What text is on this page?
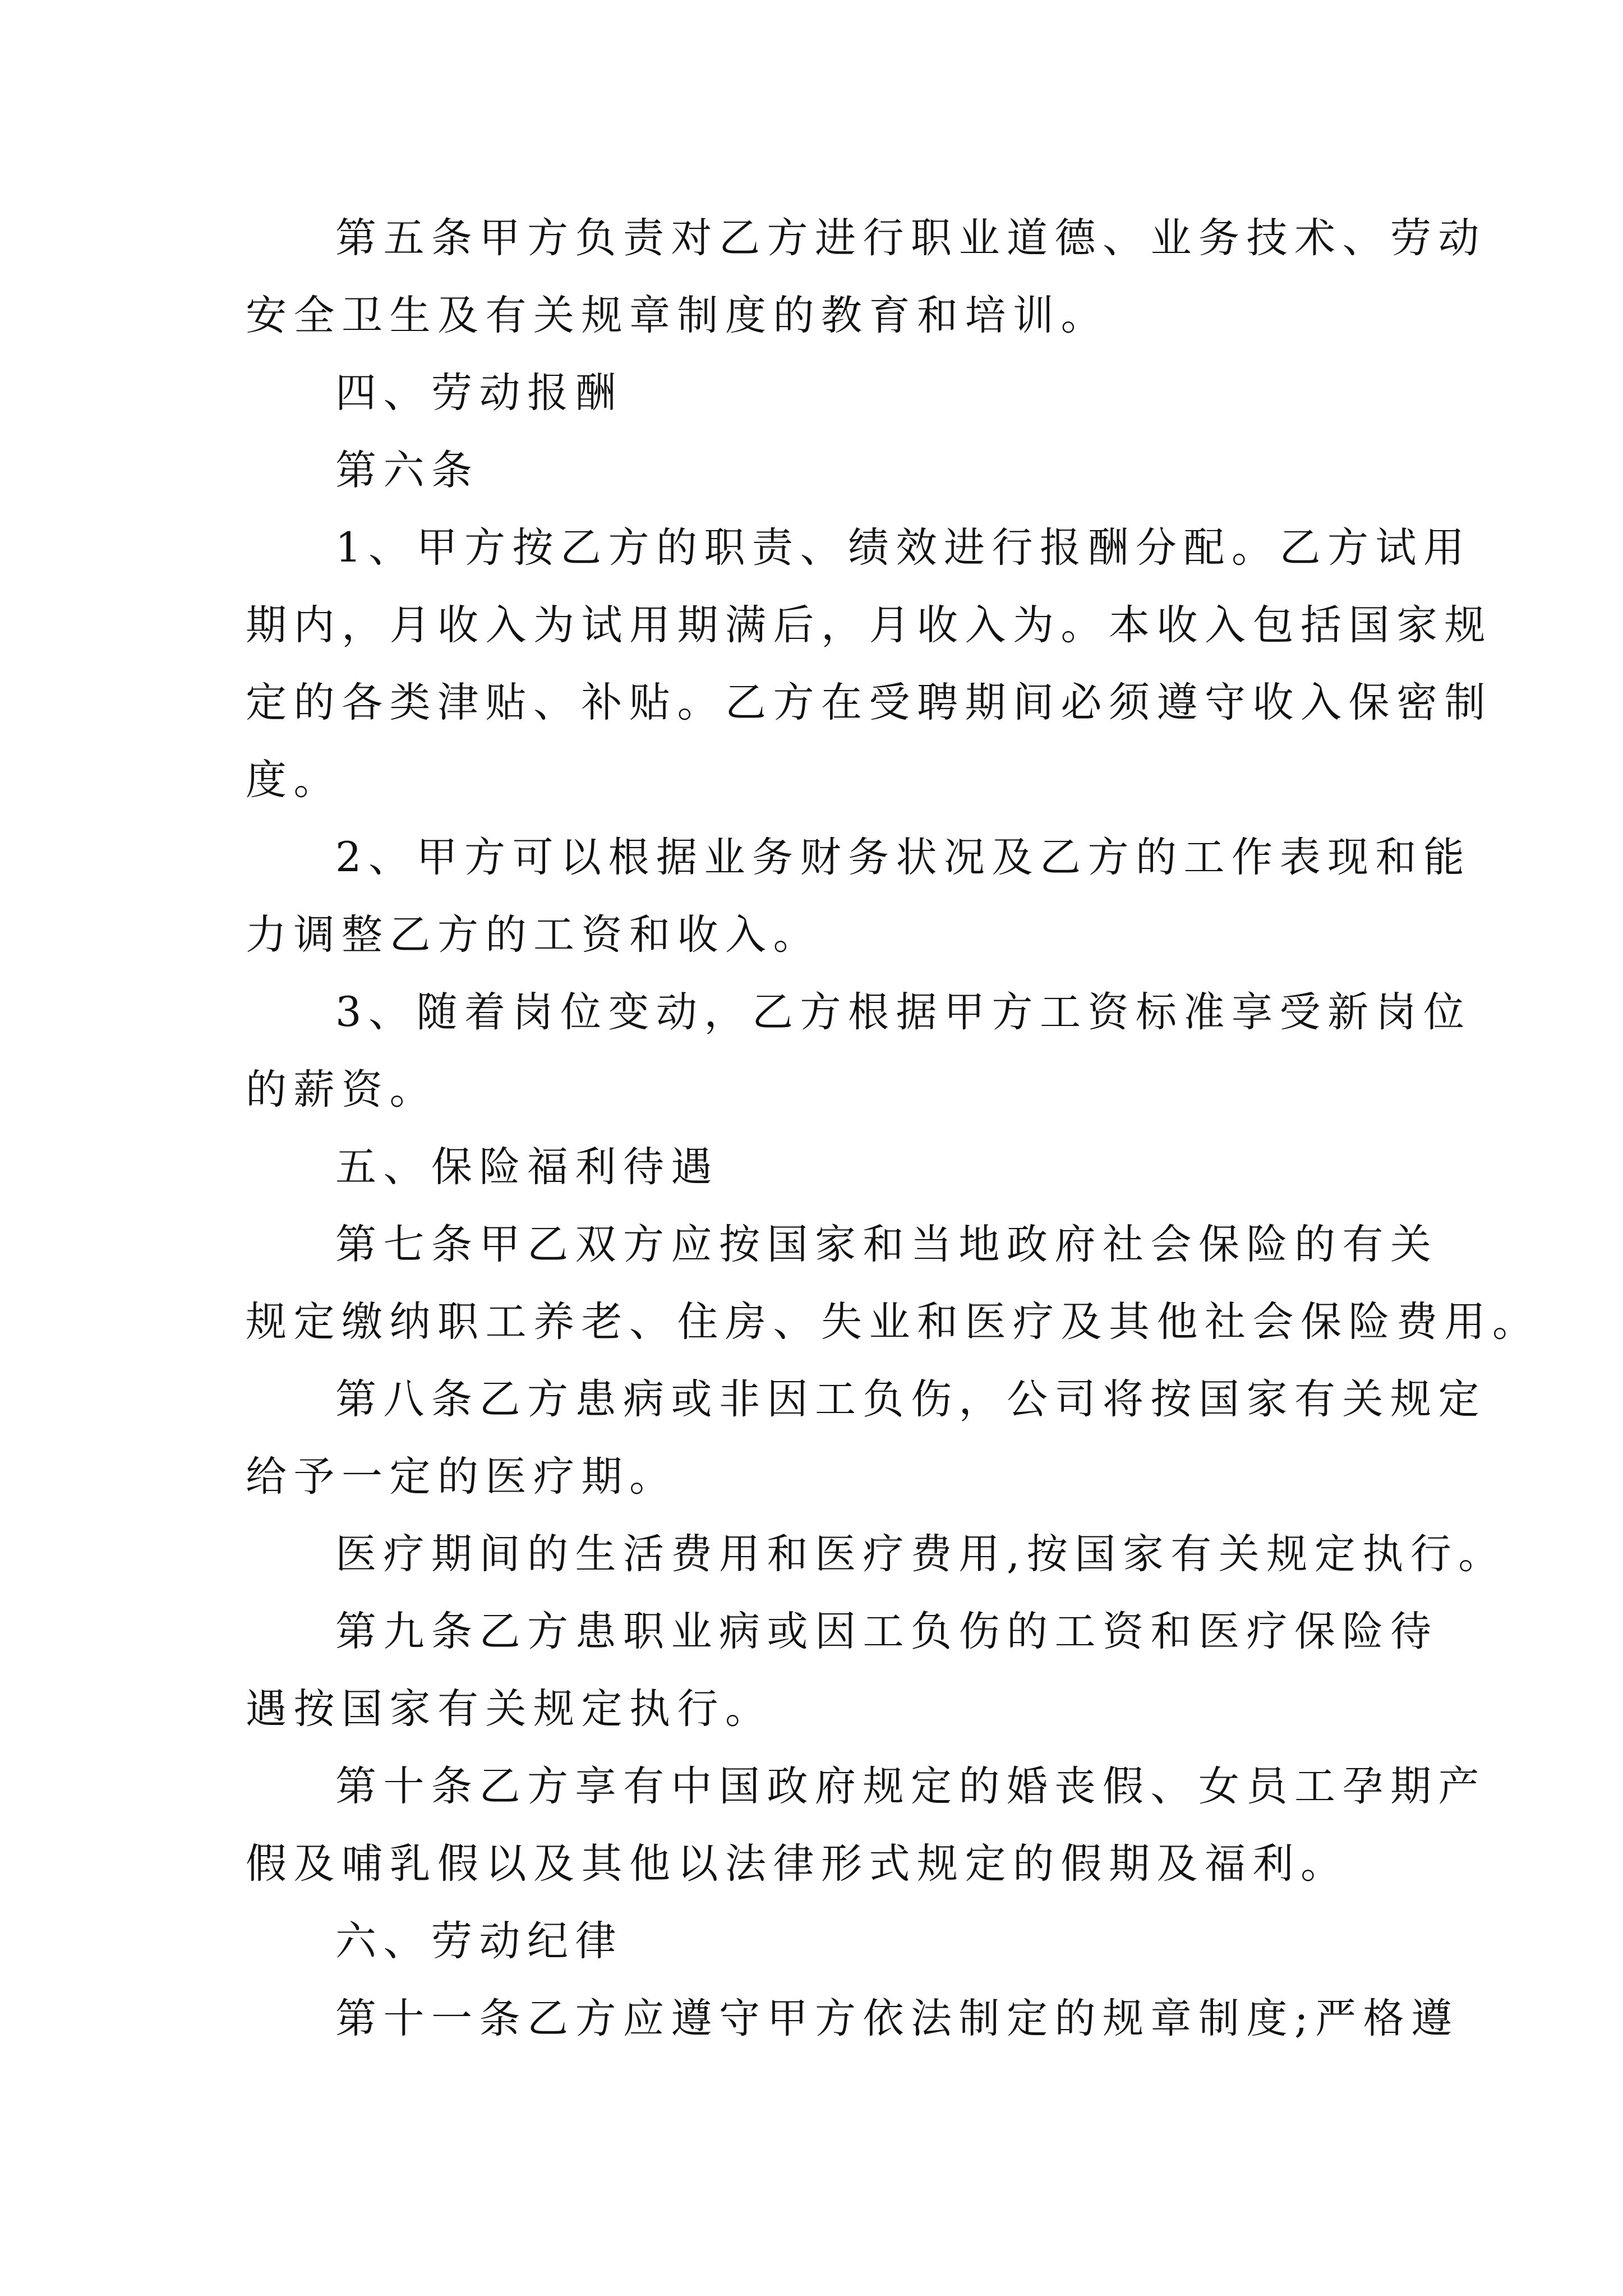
第五条甲方负责对乙方进行职业道德、业务技术、劳动
安全卫生及有关规章制度的教育和培训。
四、劳动报酬
第六条
1、甲方按乙方的职责、绩效进行报酬分配。乙方试用
期内，月收入为试用期满后，月收入为。本收入包括国家规
定的各类津贴、补贴。乙方在受聘期间必须遵守收入保密制
度。
2、甲方可以根据业务财务状况及乙方的工作表现和能
力调整乙方的工资和收入。
3、随着岗位变动，乙方根据甲方工资标准享受新岗位
的薪资。
五、保险福利待遇
第七条甲乙双方应按国家和当地政府社会保险的有关
规定缴纳职工养老、住房、失业和医疗及其他社会保险费用。
第八条乙方患病或非因工负伤，公司将按国家有关规定
给予一定的医疗期。
医疗期间的生活费用和医疗费用,按国家有关规定执行。
第九条乙方患职业病或因工负伤的工资和医疗保险待
遇按国家有关规定执行。
第十条乙方享有中国政府规定的婚丧假、女员工孕期产
假及哺乳假以及其他以法律形式规定的假期及福利。
六、劳动纪律
第十一条乙方应遵守甲方依法制定的规章制度;严格遵
